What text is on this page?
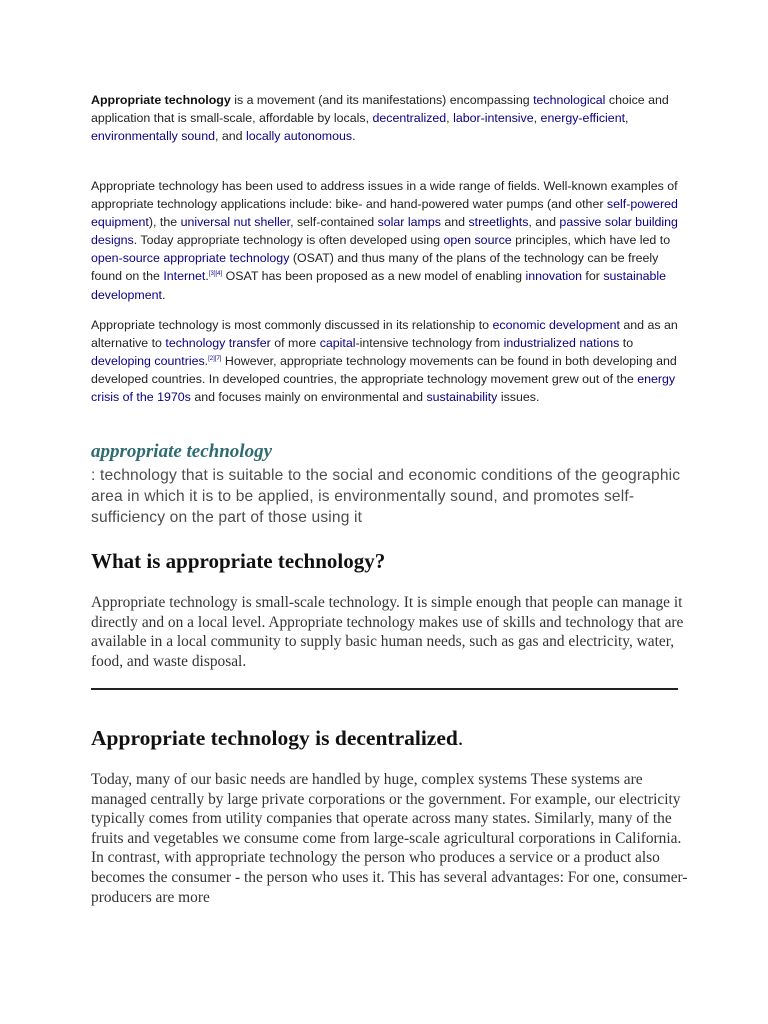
Appropriate technology is a movement (and its manifestations) encompassing technological choice and application that is small-scale, affordable by locals, decentralized, labor-intensive, energy-efficient, environmentally sound, and locally autonomous.
Appropriate technology has been used to address issues in a wide range of fields. Well-known examples of appropriate technology applications include: bike- and hand-powered water pumps (and other self-powered equipment), the universal nut sheller, self-contained solar lamps and streetlights, and passive solar building designs. Today appropriate technology is often developed using open source principles, which have led to open-source appropriate technology (OSAT) and thus many of the plans of the technology can be freely found on the Internet.[3][4] OSAT has been proposed as a new model of enabling innovation for sustainable development.
Appropriate technology is most commonly discussed in its relationship to economic development and as an alternative to technology transfer of more capital-intensive technology from industrialized nations to developing countries.[2][7] However, appropriate technology movements can be found in both developing and developed countries. In developed countries, the appropriate technology movement grew out of the energy crisis of the 1970s and focuses mainly on environmental and sustainability issues.
appropriate technology
: technology that is suitable to the social and economic conditions of the geographic area in which it is to be applied, is environmentally sound, and promotes self-sufficiency on the part of those using it
What is appropriate technology?

Appropriate technology is small-scale technology. It is simple enough that people can manage it directly and on a local level. Appropriate technology makes use of skills and technology that are available in a local community to supply basic human needs, such as gas and electricity, water, food, and waste disposal.

Appropriate technology is decentralized.

Today, many of our basic needs are handled by huge, complex systems These systems are managed centrally by large private corporations or the government. For example, our electricity typically comes from utility companies that operate across many states. Similarly, many of the fruits and vegetables we consume come from large-scale agricultural corporations in California. In contrast, with appropriate technology the person who produces a service or a product also becomes the consumer - the person who uses it. This has several advantages: For one, consumer-producers are more
